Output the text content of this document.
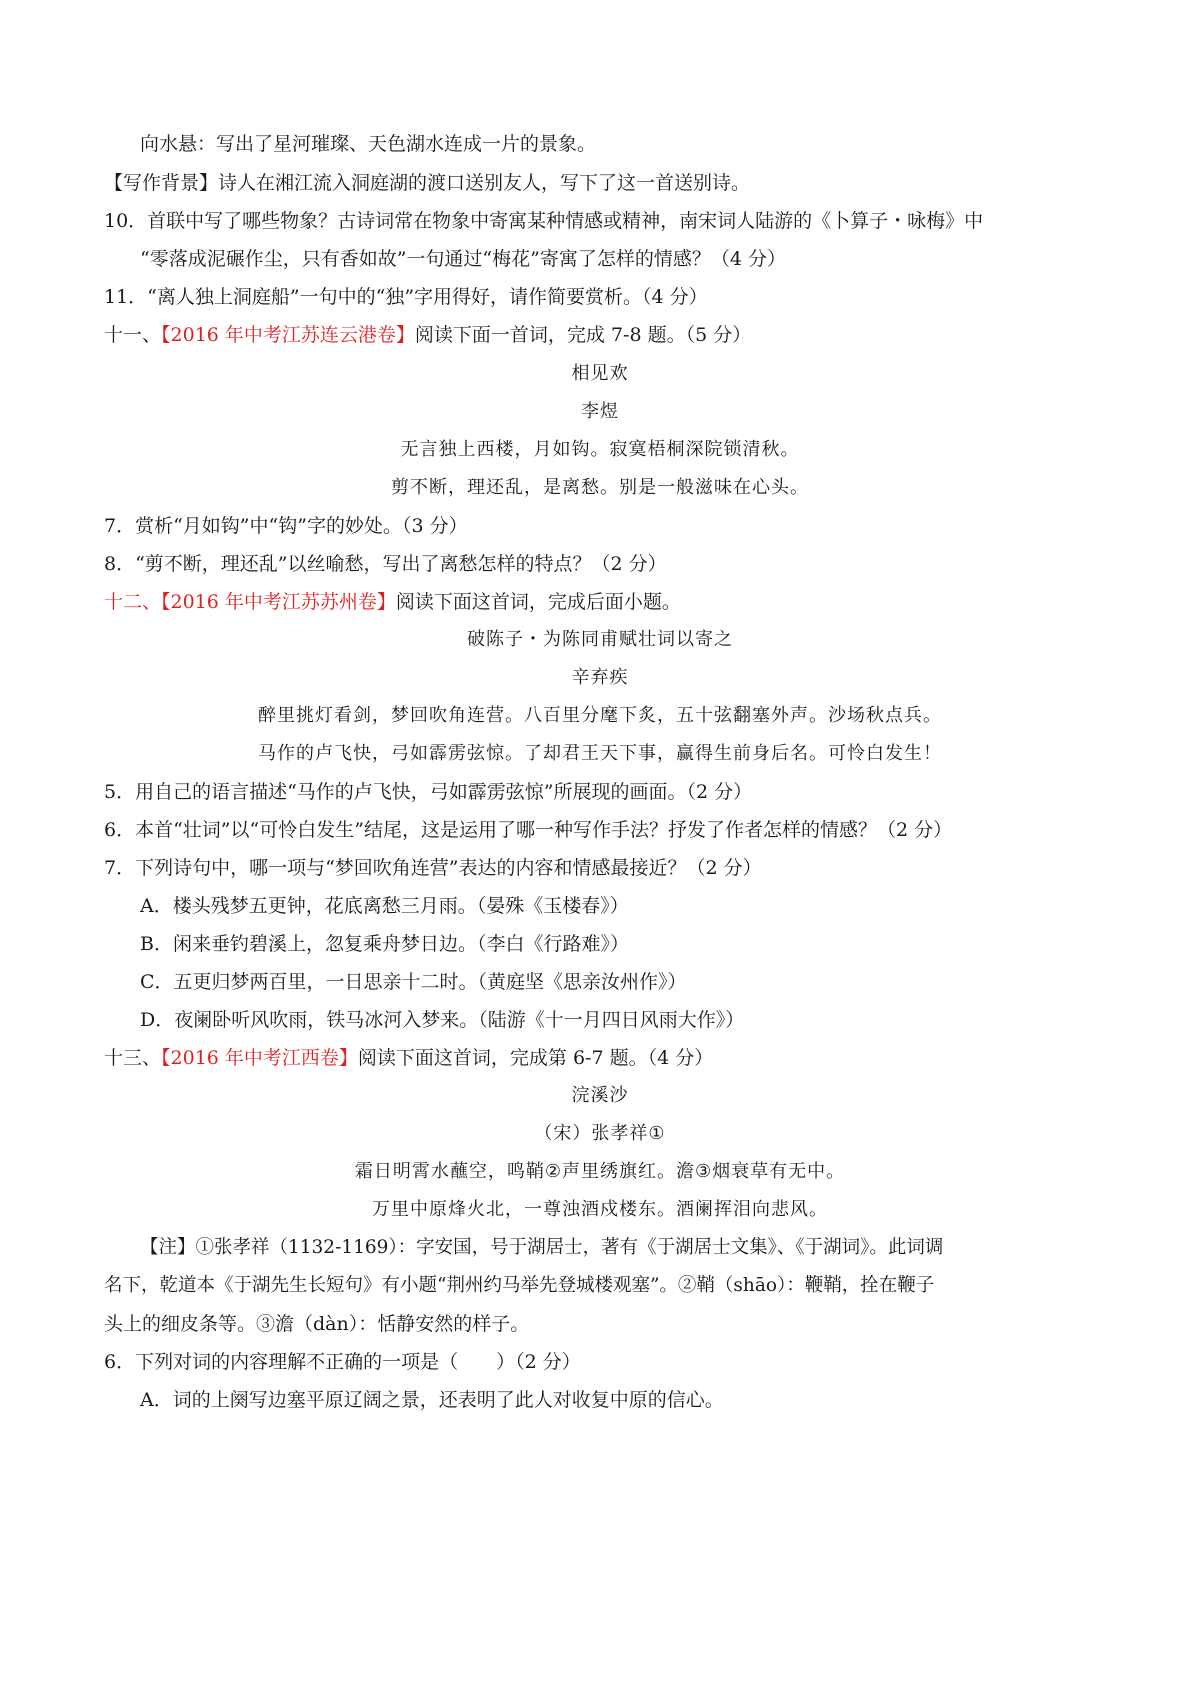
向水悬：写出了星河璀璨、天色湖水连成一片的景象。
【写作背景】诗人在湘江流入洞庭湖的渡口送别友人，写下了这一首送别诗。
10．首联中写了哪些物象？古诗词常在物象中寄寓某种情感或精神，南宋词人陆游的《卜算子・咏梅》中
“零落成泥碾作尘，只有香如故”一句通过“梅花”寄寓了怎样的情感？（4 分）
11．“离人独上洞庭船”一句中的“独”字用得好，请作简要赏析。（4 分）
十一、【2016 年中考江苏连云港卷】阅读下面一首词，完成 7-8 题。（5 分）
相见欢
李煜
无言独上西楼，月如钩。寂寞梧桐深院锁清秋。
剪不断，理还乱，是离愁。别是一般滋味在心头。
7．赏析“月如钩”中“钩”字的妙处。（3 分）
8．“剪不断，理还乱”以丝喻愁，写出了离愁怎样的特点？（2 分）
十二、【2016 年中考江苏苏州卷】阅读下面这首词，完成后面小题。
破陈子・为陈同甫赋壮词以寄之
辛弃疾
醉里挑灯看剑，梦回吹角连营。八百里分麾下炙，五十弦翻塞外声。沙场秋点兵。
马作的卢飞快，弓如霹雳弦惊。了却君王天下事，赢得生前身后名。可怜白发生！
5．用自己的语言描述“马作的卢飞快，弓如霹雳弦惊”所展现的画面。（2 分）
6．本首“壮词”以“可怜白发生”结尾，这是运用了哪一种写作手法？抒发了作者怎样的情感？（2 分）
7．下列诗句中，哪一项与“梦回吹角连营”表达的内容和情感最接近？（2 分）
A．楼头残梦五更钟，花底离愁三月雨。（晏殊《玉楼春》）
B．闲来垂钓碧溪上，忽复乘舟梦日边。（李白《行路难》）
C．五更归梦两百里，一日思亲十二时。（黄庭坚《思亲汝州作》）
D．夜阑卧听风吹雨，铁马冰河入梦来。（陆游《十一月四日风雨大作》）
十三、【2016 年中考江西卷】阅读下面这首词，完成第 6-7 题。（4 分）
浣溪沙
（宋）张孝祥①
霜日明霄水蘸空，鸣鞘②声里绣旗红。澹③烟衰草有无中。
万里中原烽火北，一尊浊酒戍楼东。酒阑挥泪向悲风。
【注】①张孝祥（1132-1169）：字安国，号于湖居士，著有《于湖居士文集》、《于湖词》。此词调
名下，乾道本《于湖先生长短句》有小题“荆州约马举先登城楼观塞”。②鞘（shāo）：鞭鞘，拴在鞭子
头上的细皮条等。③澹（dàn）：恬静安然的样子。
6．下列对词的内容理解不正确的一项是（　　）（2 分）
A．词的上阕写边塞平原辽阔之景，还表明了此人对收复中原的信心。
